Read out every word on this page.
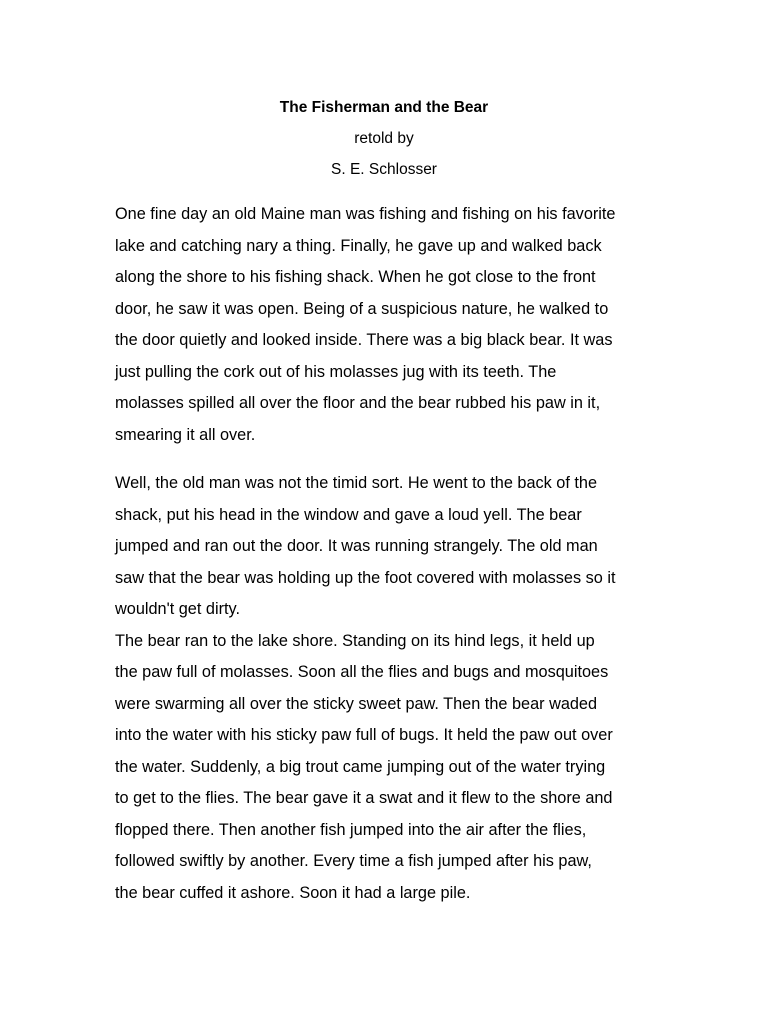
The Fisherman and the Bear
retold by
S. E. Schlosser
One fine day an old Maine man was fishing and fishing on his favorite
lake and catching nary a thing. Finally, he gave up and walked back
along the shore to his fishing shack. When he got close to the front
door, he saw it was open. Being of a suspicious nature, he walked to
the door quietly and looked inside. There was a big black bear. It was
just pulling the cork out of his molasses jug with its teeth. The
molasses spilled all over the floor and the bear rubbed his paw in it,
smearing it all over.
Well, the old man was not the timid sort. He went to the back of the
shack, put his head in the window and gave a loud yell. The bear
jumped and ran out the door. It was running strangely. The old man
saw that the bear was holding up the foot covered with molasses so it
wouldn't get dirty.
The bear ran to the lake shore. Standing on its hind legs, it held up
the paw full of molasses. Soon all the flies and bugs and mosquitoes
were swarming all over the sticky sweet paw. Then the bear waded
into the water with his sticky paw full of bugs. It held the paw out over
the water. Suddenly, a big trout came jumping out of the water trying
to get to the flies. The bear gave it a swat and it flew to the shore and
flopped there. Then another fish jumped into the air after the flies,
followed swiftly by another. Every time a fish jumped after his paw,
the bear cuffed it ashore. Soon it had a large pile.
